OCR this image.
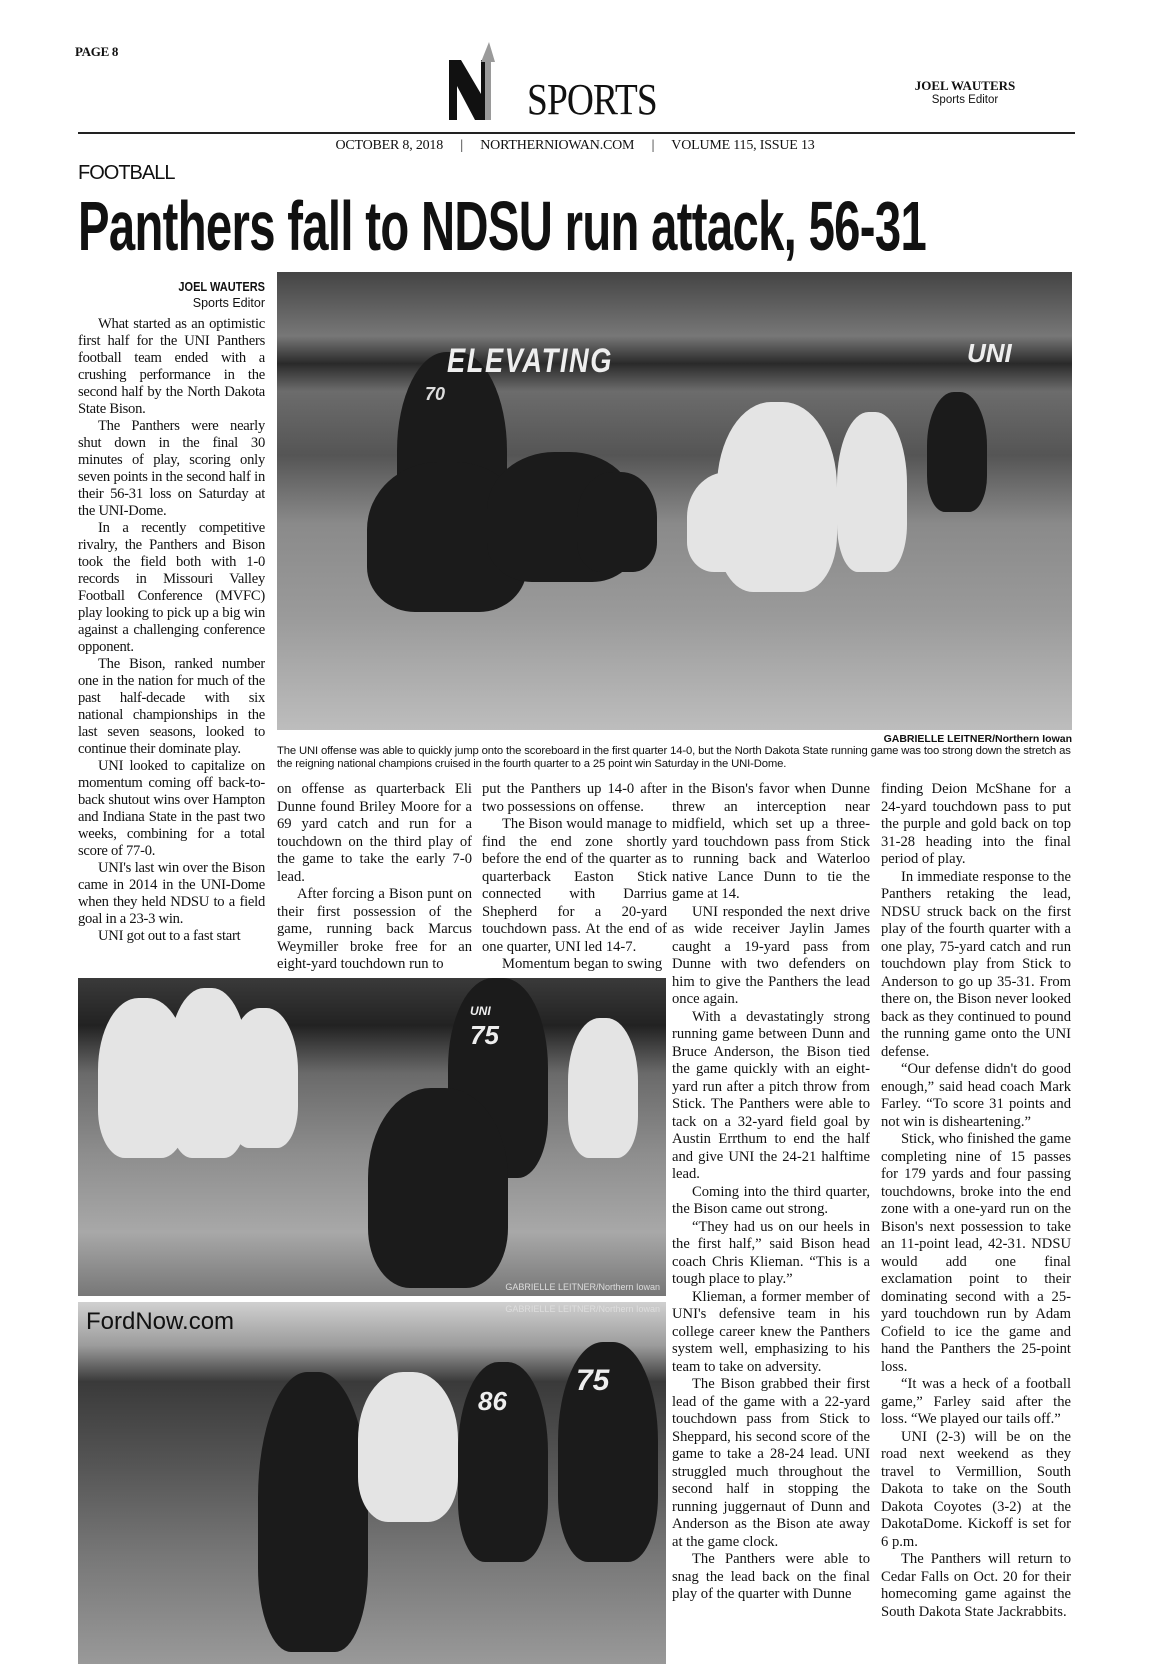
PAGE 8
SPORTS	JOEL WAUTERS
Sports Editor
OCTOBER 8, 2018 | NORTHERNIOWAN.COM | VOLUME 115, ISSUE 13
FOOTBALL
Panthers fall to NDSU run attack, 56-31
JOEL WAUTERS
Sports Editor

What started as an optimistic first half for the UNI Panthers football team ended with a crushing performance in the second half by the North Dakota State Bison.

The Panthers were nearly shut down in the final 30 minutes of play, scoring only seven points in the second half in their 56-31 loss on Saturday at the UNI-Dome.

In a recently competitive rivalry, the Panthers and Bison took the field both with 1-0 records in Missouri Valley Football Conference (MVFC) play looking to pick up a big win against a challenging conference opponent.

The Bison, ranked number one in the nation for much of the past half-decade with six national championships in the last seven seasons, looked to continue their dominate play.

UNI looked to capitalize on momentum coming off back-to-back shutout wins over Hampton and Indiana State in the past two weeks, combining for a total score of 77-0.

UNI's last win over the Bison came in 2014 in the UNI-Dome when they held NDSU to a field goal in a 23-3 win.

UNI got out to a fast start

ELEVATING	UNI
70
GABRIELLE LEITNER/Northern Iowan
The UNI offense was able to quickly jump onto the scoreboard in the first quarter 14-0, but the North Dakota State running game was too strong down the stretch as the reigning national champions cruised in the fourth quarter to a 25 point win Saturday in the UNI-Dome.

on offense as quarterback Eli Dunne found Briley Moore for a 69 yard catch and run for a touchdown on the third play of the game to take the early 7-0 lead.

After forcing a Bison punt on their first possession of the game, running back Marcus Weymiller broke free for an eight-yard touchdown run to

put the Panthers up 14-0 after two possessions on offense.

The Bison would manage to find the end zone shortly before the end of the quarter as quarterback Easton Stick connected with Darrius Shepherd for a 20-yard touchdown pass. At the end of one quarter, UNI led 14-7.

Momentum began to swing

UNI
75
GABRIELLE LEITNER/Northern Iowan
FordNow.com
86
75
GABRIELLE LEITNER/Northern Iowan

in the Bison's favor when Dunne threw an interception near midfield, which set up a three-yard touchdown pass from Stick to running back and Waterloo native Lance Dunn to tie the game at 14.

UNI responded the next drive as wide receiver Jaylin James caught a 19-yard pass from Dunne with two defenders on him to give the Panthers the lead once again.

With a devastatingly strong running game between Dunn and Bruce Anderson, the Bison tied the game quickly with an eight-yard run after a pitch throw from Stick. The Panthers were able to tack on a 32-yard field goal by Austin Errthum to end the half and give UNI the 24-21 halftime lead.

Coming into the third quarter, the Bison came out strong.

“They had us on our heels in the first half,” said Bison head coach Chris Klieman. “This is a tough place to play.”

Klieman, a former member of UNI's defensive team in his college career knew the Panthers system well, emphasizing to his team to take on adversity.

The Bison grabbed their first lead of the game with a 22-yard touchdown pass from Stick to Sheppard, his second score of the game to take a 28-24 lead. UNI struggled much throughout the second half in stopping the running juggernaut of Dunn and Anderson as the Bison ate away at the game clock.

The Panthers were able to snag the lead back on the final play of the quarter with Dunne

finding Deion McShane for a 24-yard touchdown pass to put the purple and gold back on top 31-28 heading into the final period of play.

In immediate response to the Panthers retaking the lead, NDSU struck back on the first play of the fourth quarter with a one play, 75-yard catch and run touchdown play from Stick to Anderson to go up 35-31. From there on, the Bison never looked back as they continued to pound the running game onto the UNI defense.

“Our defense didn't do good enough,” said head coach Mark Farley. “To score 31 points and not win is disheartening.”

Stick, who finished the game completing nine of 15 passes for 179 yards and four passing touchdowns, broke into the end zone with a one-yard run on the Bison's next possession to take an 11-point lead, 42-31. NDSU would add one final exclamation point to their dominating second with a 25-yard touchdown run by Adam Cofield to ice the game and hand the Panthers the 25-point loss.

“It was a heck of a football game,” Farley said after the loss. “We played our tails off.”

UNI (2-3) will be on the road next weekend as they travel to Vermillion, South Dakota to take on the South Dakota Coyotes (3-2) at the DakotaDome. Kickoff is set for 6 p.m.

The Panthers will return to Cedar Falls on Oct. 20 for their homecoming game against the South Dakota State Jackrabbits.
